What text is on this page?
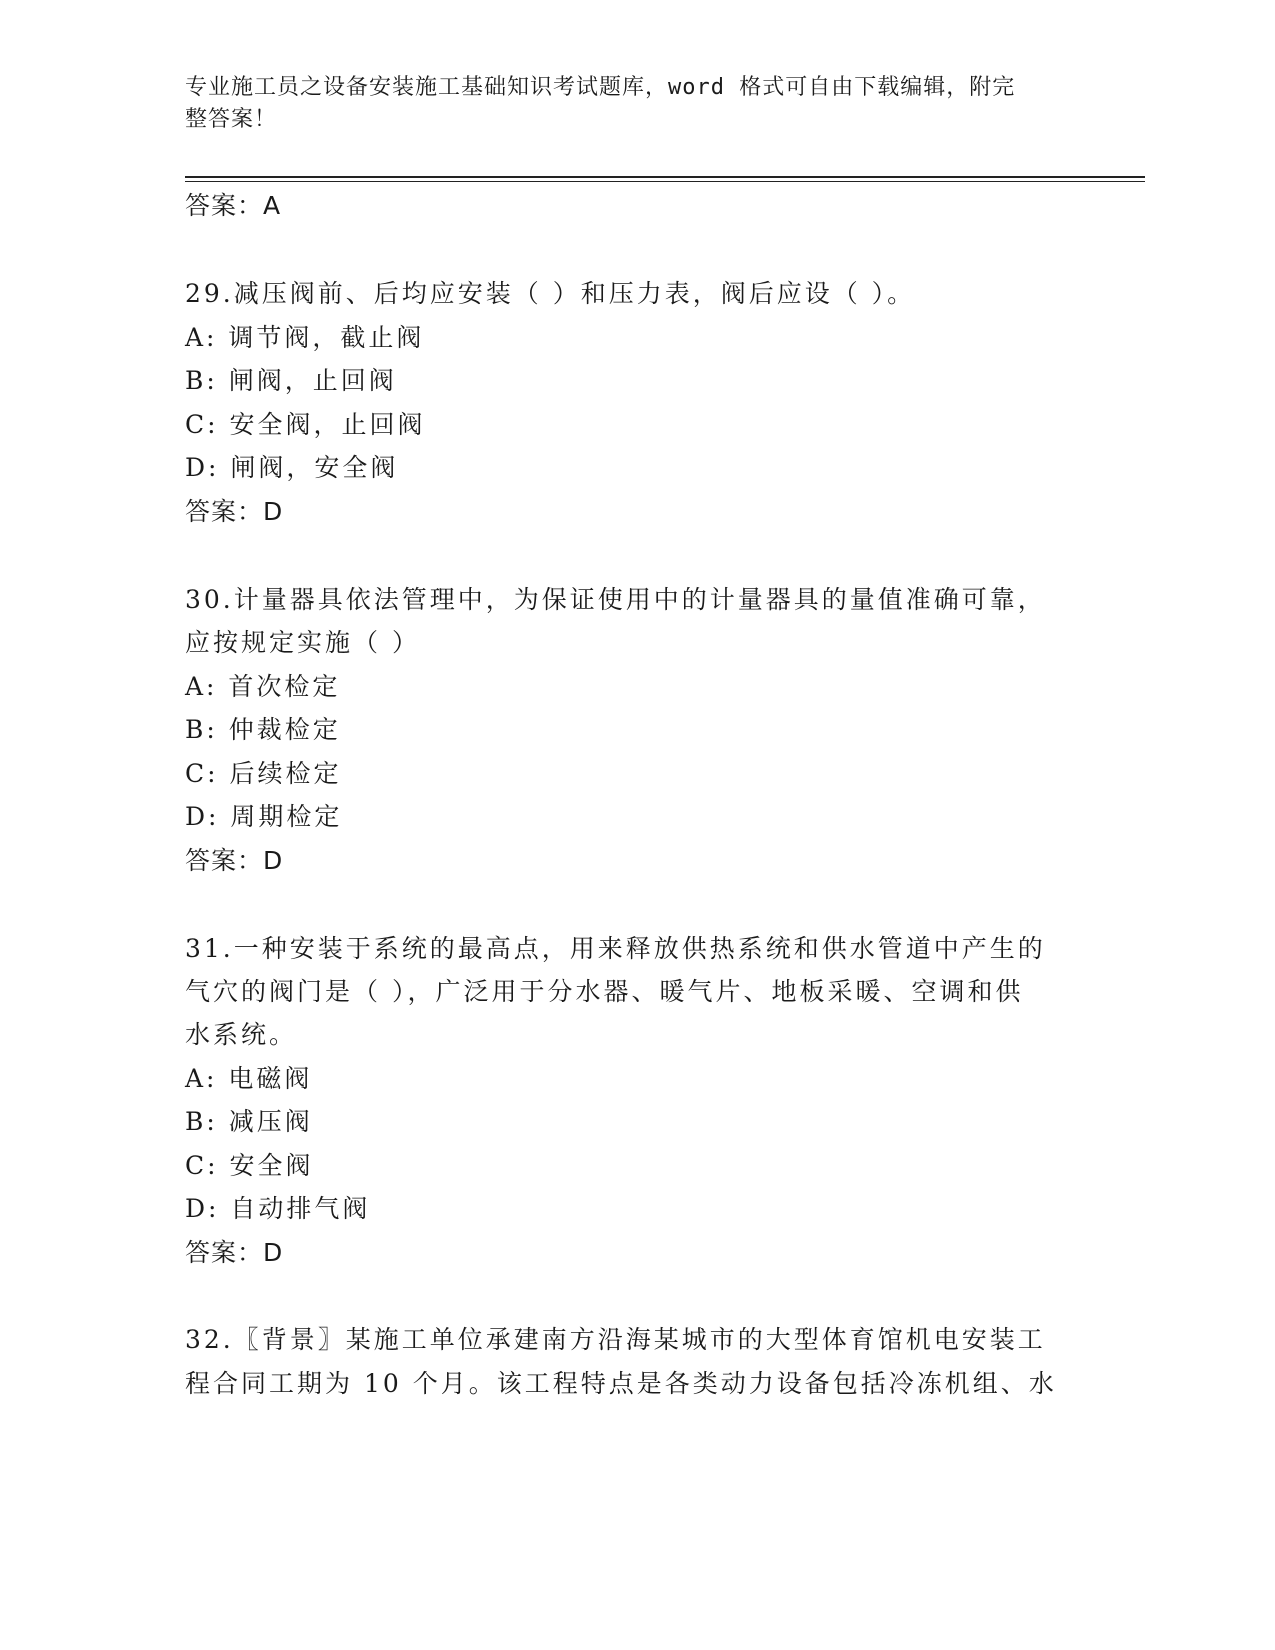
专业施工员之设备安装施工基础知识考试题库，word 格式可自由下载编辑，附完
整答案！
答案：A
29.减压阀前、后均应安装（ ）和压力表，阀后应设（ ）。
A: 调节阀，截止阀
B: 闸阀，止回阀
C: 安全阀，止回阀
D: 闸阀，安全阀
答案：D
30.计量器具依法管理中，为保证使用中的计量器具的量值准确可靠，
应按规定实施（ ）
A: 首次检定
B: 仲裁检定
C: 后续检定
D: 周期检定
答案：D
31.一种安装于系统的最高点，用来释放供热系统和供水管道中产生的
气穴的阀门是（ ），广泛用于分水器、暖气片、地板采暖、空调和供
水系统。
A: 电磁阀
B: 减压阀
C: 安全阀
D: 自动排气阀
答案：D
32.〖背景〗某施工单位承建南方沿海某城市的大型体育馆机电安装工
程合同工期为 10 个月。该工程特点是各类动力设备包括冷冻机组、水
